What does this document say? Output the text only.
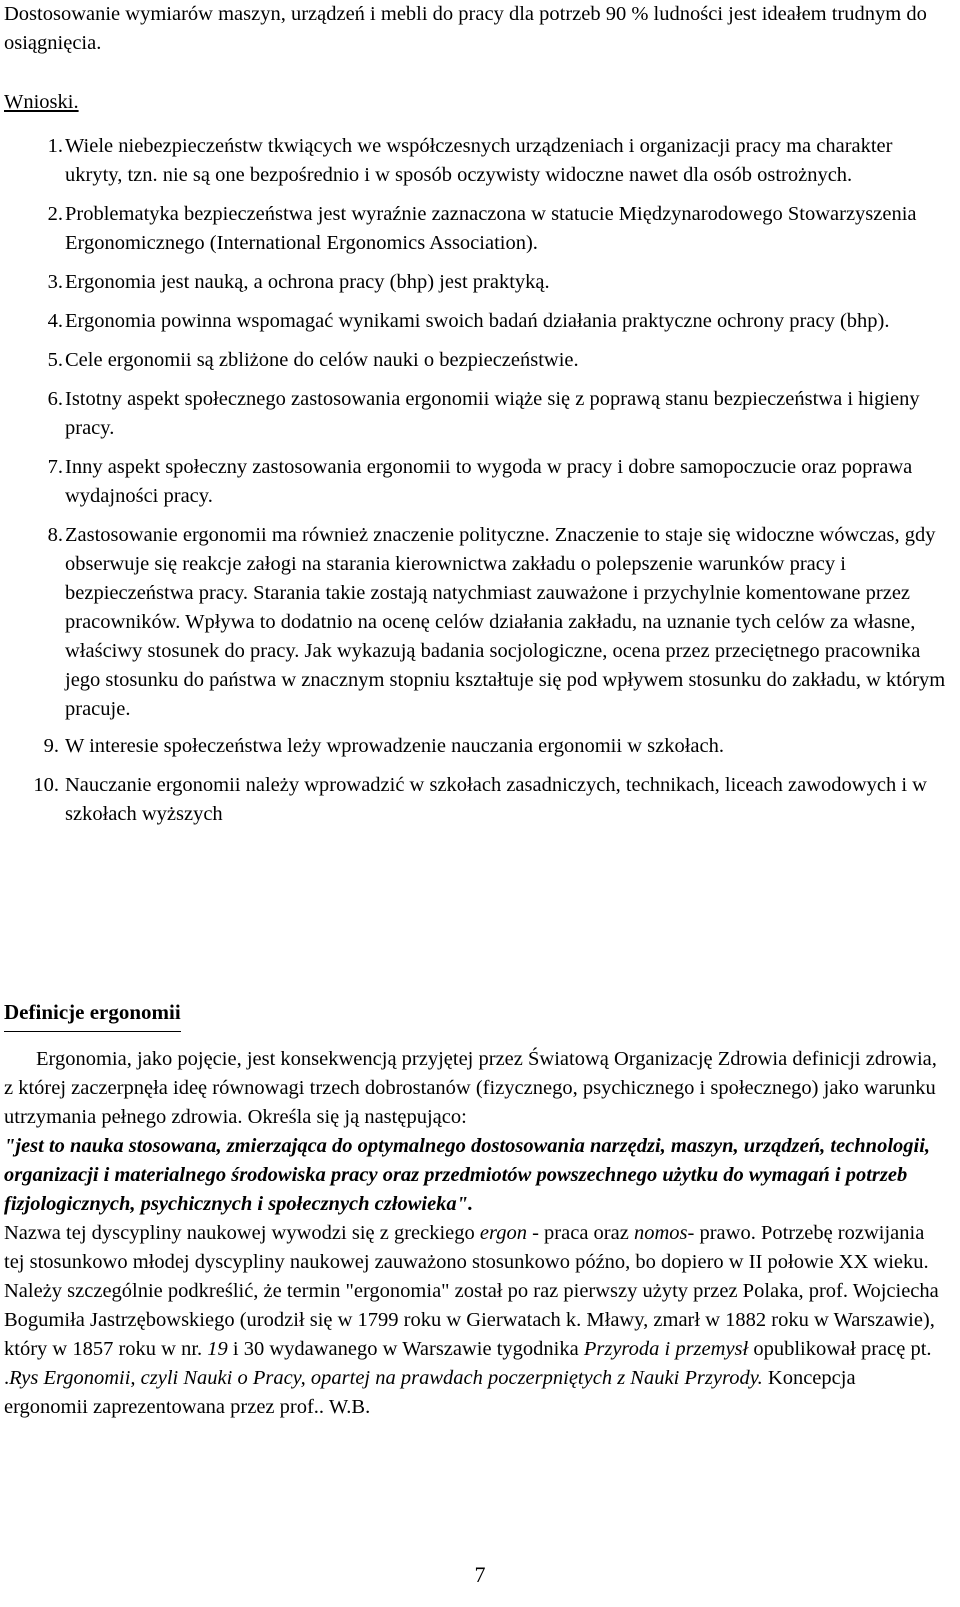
Dostosowanie wymiarów maszyn, urządzeń i mebli do pracy dla potrzeb 90 % ludności jest ideałem trudnym do osiągnięcia.
Wnioski.
1. Wiele niebezpieczeństw tkwiących we współczesnych urządzeniach i organizacji pracy ma charakter ukryty, tzn. nie są one bezpośrednio i w sposób oczywisty widoczne nawet dla osób ostrożnych.
2. Problematyka bezpieczeństwa jest wyraźnie zaznaczona w statucie Międzynarodowego Stowarzyszenia Ergonomicznego (International Ergonomics Association).
3. Ergonomia jest nauką, a ochrona pracy (bhp) jest praktyką.
4. Ergonomia powinna wspomagać wynikami swoich badań działania praktyczne ochrony pracy (bhp).
5. Cele ergonomii są zbliżone do celów nauki o bezpieczeństwie.
6. Istotny aspekt społecznego zastosowania ergonomii wiąże się z poprawą stanu bezpieczeństwa i higieny pracy.
7. Inny aspekt społeczny zastosowania ergonomii to wygoda w pracy i dobre samopoczucie oraz poprawa wydajności pracy.
8. Zastosowanie ergonomii ma również znaczenie polityczne. Znaczenie to staje się widoczne wówczas, gdy obserwuje się reakcje załogi na starania kierownictwa zakładu o polepszenie warunków pracy i bezpieczeństwa pracy. Starania takie zostają natychmiast zauważone i przychylnie komentowane przez pracowników. Wpływa to dodatnio na ocenę celów działania zakładu, na uznanie tych celów za własne, właściwy stosunek do pracy. Jak wykazują badania socjologiczne, ocena przez przeciętnego pracownika jego stosunku do państwa w znacznym stopniu kształtuje się pod wpływem stosunku do zakładu, w którym pracuje.
9. W interesie społeczeństwa leży wprowadzenie nauczania ergonomii w szkołach.
10. Nauczanie ergonomii należy wprowadzić w szkołach zasadniczych, technikach, liceach zawodowych i w szkołach wyższych
Definicje ergonomii
Ergonomia, jako pojęcie, jest konsekwencją przyjętej przez Światową Organizację Zdrowia definicji zdrowia, z której zaczerpnęła ideę równowagi trzech dobrostanów (fizycznego, psychicznego i społecznego) jako warunku utrzymania pełnego zdrowia. Określa się ją następująco:
"jest to nauka stosowana, zmierzająca do optymalnego dostosowania narzędzi, maszyn, urządzeń, technologii, organizacji i materialnego środowiska pracy oraz przedmiotów powszechnego użytku do wymagań i potrzeb fizjologicznych, psychicznych i społecznych człowieka".
Nazwa tej dyscypliny naukowej wywodzi się z greckiego ergon - praca oraz nomos- prawo. Potrzebę rozwijania tej stosunkowo młodej dyscypliny naukowej zauważono stosunkowo późno, bo dopiero w II połowie XX wieku. Należy szczególnie podkreślić, że termin "ergonomia" został po raz pierwszy użyty przez Polaka, prof. Wojciecha Bogumiła Jastrzębowskiego (urodził się w 1799 roku w Gierwatach k. Mławy, zmarł w 1882 roku w Warszawie), który w 1857 roku w nr. 19 i 30 wydawanego w Warszawie tygodnika Przyroda i przemysł opublikował pracę pt. .Rys Ergonomii, czyli Nauki o Pracy, opartej na prawdach poczerpniętych z Nauki Przyrody. Koncepcja ergonomii zaprezentowana przez prof.. W.B.
7
